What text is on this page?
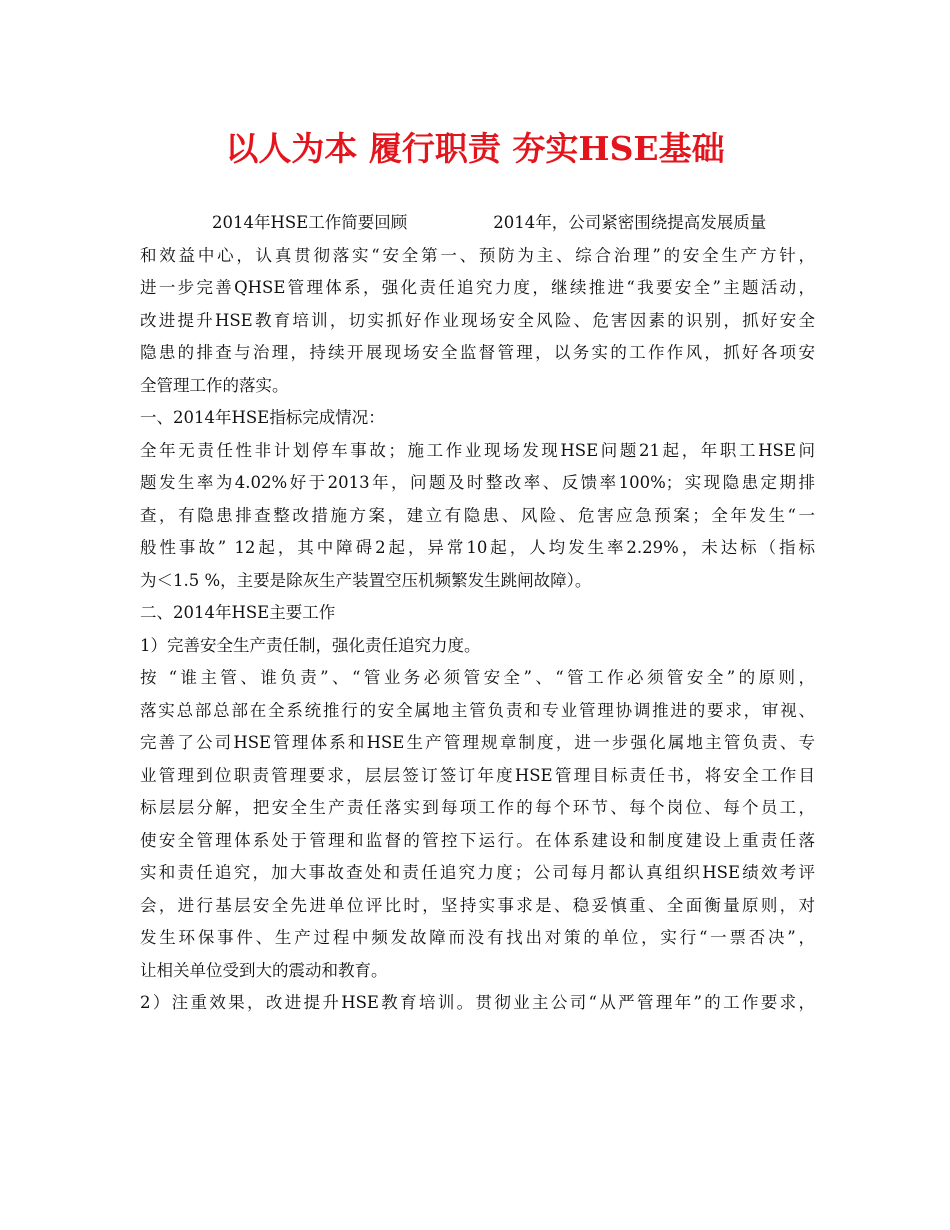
以人为本 履行职责 夯实HSE基础
2014年HSE工作简要回顾	2014年，公司紧密围绕提高发展质量
和效益中心，认真贯彻落实“安全第一、预防为主、综合治理”的安全生产方针，
进一步完善QHSE管理体系，强化责任追究力度，继续推进“我要安全”主题活动，
改进提升HSE教育培训，切实抓好作业现场安全风险、危害因素的识别，抓好安全
隐患的排查与治理，持续开展现场安全监督管理，以务实的工作作风，抓好各项安
全管理工作的落实。
一、2014年HSE指标完成情况：
全年无责任性非计划停车事故；施工作业现场发现HSE问题21起，年职工HSE问
题发生率为4.02%好于2013年，问题及时整改率、反馈率100%；实现隐患定期排
查，有隐患排查整改措施方案，建立有隐患、风险、危害应急预案；全年发生“一
般性事故” 12起，其中障碍2起，异常10起，人均发生率2.29%，未达标（指标
为＜1.5 %，主要是除灰生产装置空压机频繁发生跳闸故障）。
二、2014年HSE主要工作
1）完善安全生产责任制，强化责任追究力度。
按 “谁主管、谁负责”、“管业务必须管安全”、“管工作必须管安全”的原则，
落实总部总部在全系统推行的安全属地主管负责和专业管理协调推进的要求，审视、
完善了公司HSE管理体系和HSE生产管理规章制度，进一步强化属地主管负责、专
业管理到位职责管理要求，层层签订签订年度HSE管理目标责任书，将安全工作目
标层层分解，把安全生产责任落实到每项工作的每个环节、每个岗位、每个员工，
使安全管理体系处于管理和监督的管控下运行。在体系建设和制度建设上重责任落
实和责任追究，加大事故查处和责任追究力度；公司每月都认真组织HSE绩效考评
会，进行基层安全先进单位评比时，坚持实事求是、稳妥慎重、全面衡量原则，对
发生环保事件、生产过程中频发故障而没有找出对策的单位，实行“一票否决”，
让相关单位受到大的震动和教育。
2）注重效果，改进提升HSE教育培训。贯彻业主公司“从严管理年”的工作要求，
